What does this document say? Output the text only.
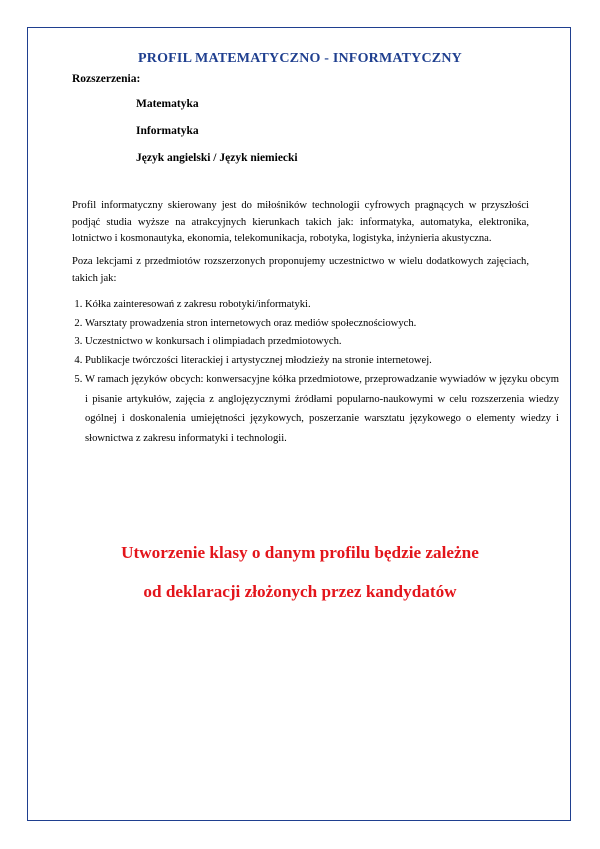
PROFIL MATEMATYCZNO - INFORMATYCZNY
Rozszerzenia:
Matematyka
Informatyka
Język angielski / Język niemiecki

Profil informatyczny skierowany jest do miłośników technologii cyfrowych pragnących w przyszłości podjąć studia wyższe na atrakcyjnych kierunkach takich jak: informatyka, automatyka, elektronika, lotnictwo i kosmonautyka, ekonomia, telekomunikacja, robotyka, logistyka, inżynieria akustyczna.

Poza lekcjami z przedmiotów rozszerzonych proponujemy uczestnictwo w wielu dodatkowych zajęciach, takich jak:

1. Kółka zainteresowań z zakresu robotyki/informatyki.
2. Warsztaty prowadzenia stron internetowych oraz mediów społecznościowych.
3. Uczestnictwo w konkursach i olimpiadach przedmiotowych.
4. Publikacje twórczości literackiej i artystycznej młodzieży na stronie internetowej.
5. W ramach języków obcych: konwersacyjne kółka przedmiotowe, przeprowadzanie wywiadów w języku obcym i pisanie artykułów, zajęcia z anglojęzycznymi źródłami popularno-naukowymi w celu rozszerzenia wiedzy ogólnej i doskonalenia umiejętności językowych, poszerzanie warsztatu językowego o elementy wiedzy i słownictwa z zakresu informatyki i technologii.
Utworzenie klasy o danym profilu będzie zależne
od deklaracji złożonych przez kandydatów
